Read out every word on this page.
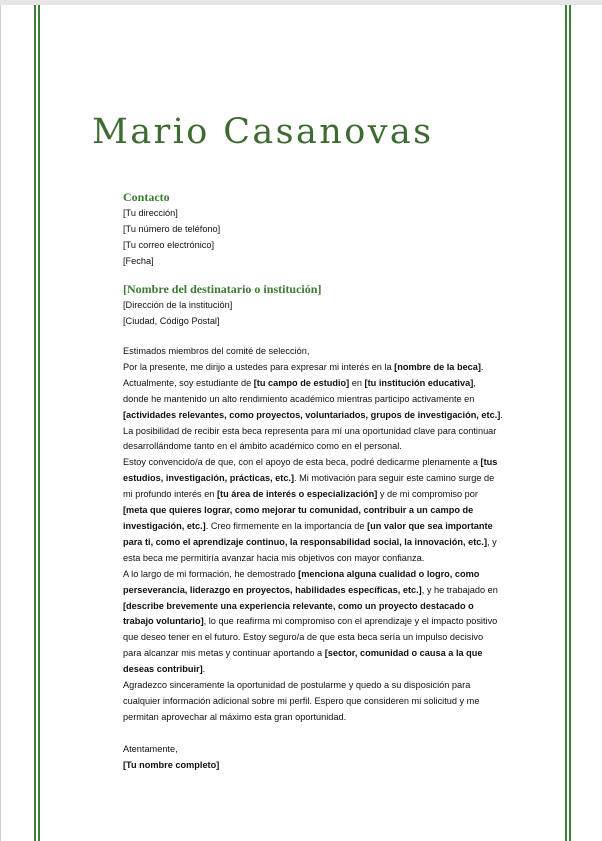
Mario Casanovas
Contacto
[Tu dirección]
[Tu número de teléfono]
[Tu correo electrónico]
[Fecha]
[Nombre del destinatario o institución]
[Dirección de la institución]
[Ciudad, Código Postal]
Estimados miembros del comité de selección,
Por la presente, me dirijo a ustedes para expresar mi interés en la [nombre de la beca]. Actualmente, soy estudiante de [tu campo de estudio] en [tu institución educativa], donde he mantenido un alto rendimiento académico mientras participo activamente en [actividades relevantes, como proyectos, voluntariados, grupos de investigación, etc.]. La posibilidad de recibir esta beca representa para mí una oportunidad clave para continuar desarrollándome tanto en el ámbito académico como en el personal.
Estoy convencido/a de que, con el apoyo de esta beca, podré dedicarme plenamente a [tus estudios, investigación, prácticas, etc.]. Mi motivación para seguir este camino surge de mi profundo interés en [tu área de interés o especialización] y de mi compromiso por [meta que quieres lograr, como mejorar tu comunidad, contribuir a un campo de investigación, etc.]. Creo firmemente en la importancia de [un valor que sea importante para ti, como el aprendizaje continuo, la responsabilidad social, la innovación, etc.], y esta beca me permitiría avanzar hacia mis objetivos con mayor confianza.
A lo largo de mi formación, he demostrado [menciona alguna cualidad o logro, como perseverancia, liderazgo en proyectos, habilidades específicas, etc.], y he trabajado en [describe brevemente una experiencia relevante, como un proyecto destacado o trabajo voluntario], lo que reafirma mi compromiso con el aprendizaje y el impacto positivo que deseo tener en el futuro. Estoy seguro/a de que esta beca sería un impulso decisivo para alcanzar mis metas y continuar aportando a [sector, comunidad o causa a la que deseas contribuir].
Agradezco sinceramente la oportunidad de postularme y quedo a su disposición para cualquier información adicional sobre mi perfil. Espero que consideren mi solicitud y me permitan aprovechar al máximo esta gran oportunidad.
Atentamente,
[Tu nombre completo]
